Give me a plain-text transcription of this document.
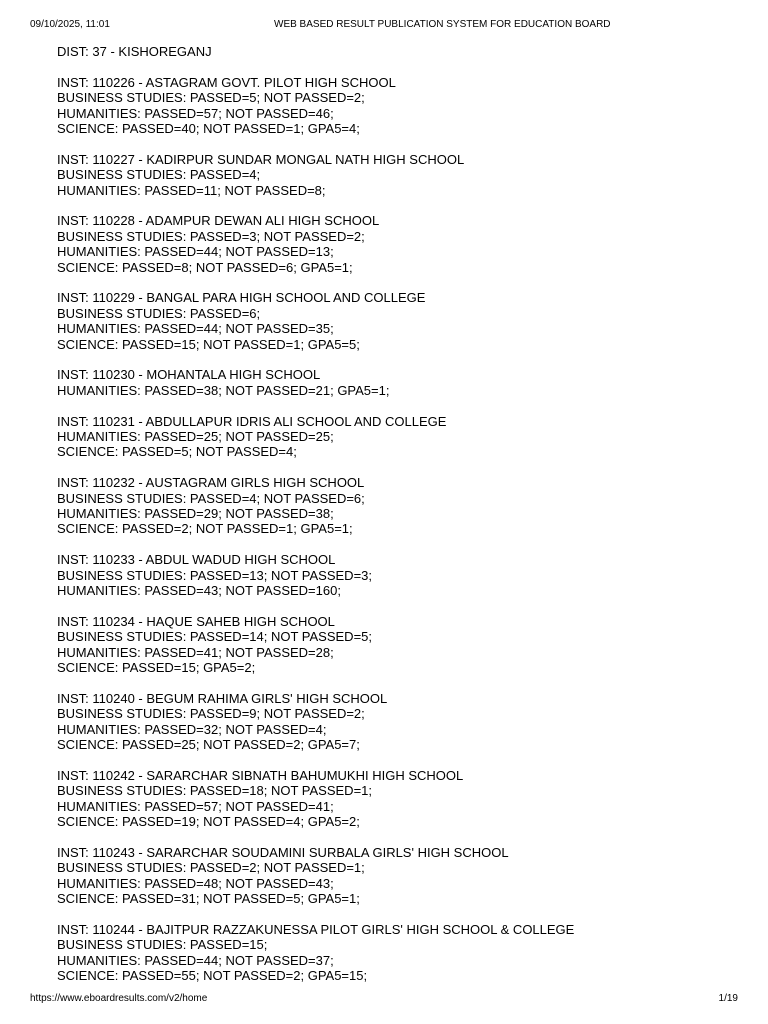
09/10/2025, 11:01	WEB BASED RESULT PUBLICATION SYSTEM FOR EDUCATION BOARD
DIST: 37 - KISHOREGANJ
INST: 110226 - ASTAGRAM GOVT. PILOT HIGH SCHOOL
BUSINESS STUDIES: PASSED=5; NOT PASSED=2;
HUMANITIES: PASSED=57; NOT PASSED=46;
SCIENCE: PASSED=40; NOT PASSED=1; GPA5=4;
INST: 110227 - KADIRPUR SUNDAR MONGAL NATH HIGH SCHOOL
BUSINESS STUDIES: PASSED=4;
HUMANITIES: PASSED=11; NOT PASSED=8;
INST: 110228 - ADAMPUR DEWAN ALI HIGH SCHOOL
BUSINESS STUDIES: PASSED=3; NOT PASSED=2;
HUMANITIES: PASSED=44; NOT PASSED=13;
SCIENCE: PASSED=8; NOT PASSED=6; GPA5=1;
INST: 110229 - BANGAL PARA HIGH SCHOOL AND COLLEGE
BUSINESS STUDIES: PASSED=6;
HUMANITIES: PASSED=44; NOT PASSED=35;
SCIENCE: PASSED=15; NOT PASSED=1; GPA5=5;
INST: 110230 - MOHANTALA HIGH SCHOOL
HUMANITIES: PASSED=38; NOT PASSED=21; GPA5=1;
INST: 110231 - ABDULLAPUR IDRIS ALI SCHOOL AND COLLEGE
HUMANITIES: PASSED=25; NOT PASSED=25;
SCIENCE: PASSED=5; NOT PASSED=4;
INST: 110232 - AUSTAGRAM GIRLS HIGH SCHOOL
BUSINESS STUDIES: PASSED=4; NOT PASSED=6;
HUMANITIES: PASSED=29; NOT PASSED=38;
SCIENCE: PASSED=2; NOT PASSED=1; GPA5=1;
INST: 110233 - ABDUL WADUD HIGH SCHOOL
BUSINESS STUDIES: PASSED=13; NOT PASSED=3;
HUMANITIES: PASSED=43; NOT PASSED=160;
INST: 110234 - HAQUE SAHEB HIGH SCHOOL
BUSINESS STUDIES: PASSED=14; NOT PASSED=5;
HUMANITIES: PASSED=41; NOT PASSED=28;
SCIENCE: PASSED=15; GPA5=2;
INST: 110240 - BEGUM RAHIMA GIRLS' HIGH SCHOOL
BUSINESS STUDIES: PASSED=9; NOT PASSED=2;
HUMANITIES: PASSED=32; NOT PASSED=4;
SCIENCE: PASSED=25; NOT PASSED=2; GPA5=7;
INST: 110242 - SARARCHAR SIBNATH BAHUMUKHI HIGH SCHOOL
BUSINESS STUDIES: PASSED=18; NOT PASSED=1;
HUMANITIES: PASSED=57; NOT PASSED=41;
SCIENCE: PASSED=19; NOT PASSED=4; GPA5=2;
INST: 110243 - SARARCHAR SOUDAMINI SURBALA GIRLS' HIGH SCHOOL
BUSINESS STUDIES: PASSED=2; NOT PASSED=1;
HUMANITIES: PASSED=48; NOT PASSED=43;
SCIENCE: PASSED=31; NOT PASSED=5; GPA5=1;
INST: 110244 - BAJITPUR RAZZAKUNESSA PILOT GIRLS' HIGH SCHOOL & COLLEGE
BUSINESS STUDIES: PASSED=15;
HUMANITIES: PASSED=44; NOT PASSED=37;
SCIENCE: PASSED=55; NOT PASSED=2; GPA5=15;
https://www.eboardresults.com/v2/home	1/19
